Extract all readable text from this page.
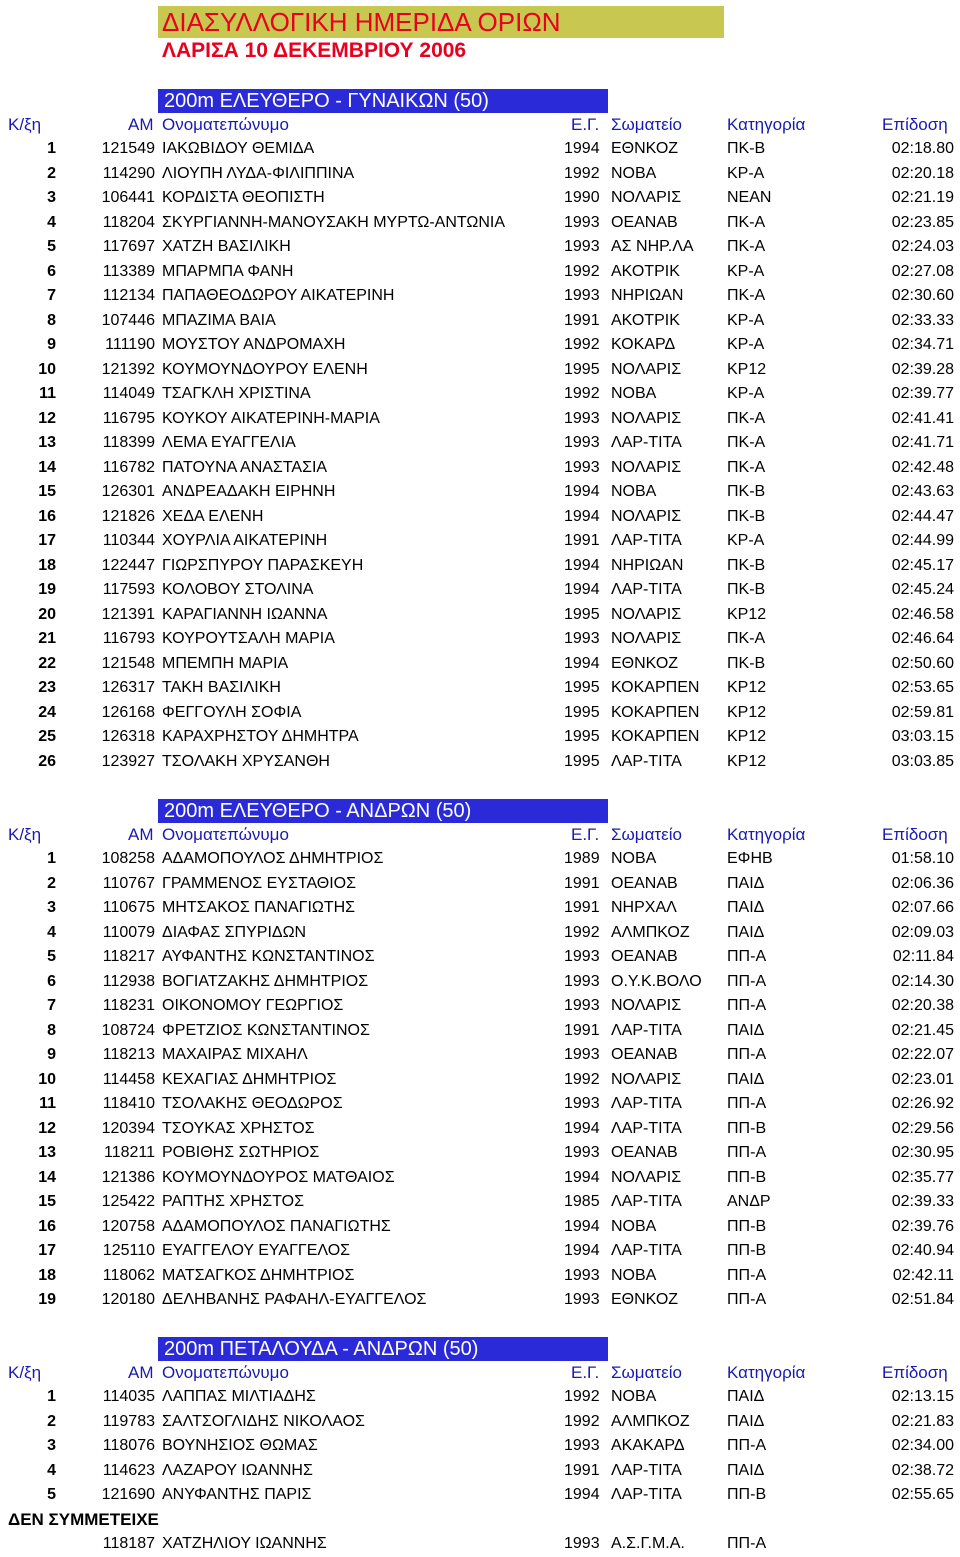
ΔΙΑΣΥΛΛΟΓΙΚΗ ΗΜΕΡΙΔΑ ΟΡΙΩΝ
ΛΑΡΙΣΑ 10 ΔΕΚΕΜΒΡΙΟΥ 2006
200m ΕΛΕΥΘΕΡΟ - ΓΥΝΑΙΚΩΝ (50)
Κ/ξη	ΑΜ Ονοματεπώνυμο	Ε.Γ. Σωματείο	Κατηγορία	Επίδοση
1	121549 ΙΑΚΩΒΙΔΟΥ ΘΕΜΙΔΑ	1994 ΕΘΝΚΟΖ	ΠΚ-Β	02:18.80
2	114290 ΛΙΟΥΠΗ ΛΥΔΑ-ΦΙΛΙΠΠΙΝΑ	1992 ΝΟΒΑ	ΚΡ-Α	02:20.18
3	106441 ΚΟΡΔΙΣΤΑ ΘΕΟΠΙΣΤΗ	1990 ΝΟΛΑΡΙΣ	ΝΕΑΝ	02:21.19
4	118204 ΣΚΥΡΓΙΑΝΝΗ-ΜΑΝΟΥΣΑΚΗ ΜΥΡΤΩ-ΑΝΤΩΝΙΑ	1993 ΟΕΑΝΑΒ	ΠΚ-Α	02:23.85
5	117697 ΧΑΤΖΗ ΒΑΣΙΛΙΚΗ	1993 ΑΣ ΝΗΡ.ΛΑ	ΠΚ-Α	02:24.03
6	113389 ΜΠΑΡΜΠΑ ΦΑΝΗ	1992 ΑΚΟΤΡΙΚ	ΚΡ-Α	02:27.08
7	112134 ΠΑΠΑΘΕΟΔΩΡΟΥ ΑΙΚΑΤΕΡΙΝΗ	1993 ΝΗΡΙΩΑΝ	ΠΚ-Α	02:30.60
8	107446 ΜΠΑΖΙΜΑ ΒΑΙΑ	1991 ΑΚΟΤΡΙΚ	ΚΡ-Α	02:33.33
9	111190 ΜΟΥΣΤΟΥ ΑΝΔΡΟΜΑΧΗ	1992 ΚΟΚΑΡΔ	ΚΡ-Α	02:34.71
10	121392 ΚΟΥΜΟΥΝΔΟΥΡΟΥ ΕΛΕΝΗ	1995 ΝΟΛΑΡΙΣ	ΚΡ12	02:39.28
11	114049 ΤΣΑΓΚΛΗ ΧΡΙΣΤΙΝΑ	1992 ΝΟΒΑ	ΚΡ-Α	02:39.77
12	116795 ΚΟΥΚΟΥ ΑΙΚΑΤΕΡΙΝΗ-ΜΑΡΙΑ	1993 ΝΟΛΑΡΙΣ	ΠΚ-Α	02:41.41
13	118399 ΛΕΜΑ ΕΥΑΓΓΕΛΙΑ	1993 ΛΑΡ-ΤΙΤΑ	ΠΚ-Α	02:41.71
14	116782 ΠΑΤΟΥΝΑ ΑΝΑΣΤΑΣΙΑ	1993 ΝΟΛΑΡΙΣ	ΠΚ-Α	02:42.48
15	126301 ΑΝΔΡΕΑΔΑΚΗ ΕΙΡΗΝΗ	1994 ΝΟΒΑ	ΠΚ-Β	02:43.63
16	121826 ΧΕΔΑ ΕΛΕΝΗ	1994 ΝΟΛΑΡΙΣ	ΠΚ-Β	02:44.47
17	110344 ΧΟΥΡΛΙΑ ΑΙΚΑΤΕΡΙΝΗ	1991 ΛΑΡ-ΤΙΤΑ	ΚΡ-Α	02:44.99
18	122447 ΓΙΩΡΣΠΥΡΟΥ ΠΑΡΑΣΚΕΥΗ	1994 ΝΗΡΙΩΑΝ	ΠΚ-Β	02:45.17
19	117593 ΚΟΛΟΒΟΥ ΣΤΟΛΙΝΑ	1994 ΛΑΡ-ΤΙΤΑ	ΠΚ-Β	02:45.24
20	121391 ΚΑΡΑΓΙΑΝΝΗ ΙΩΑΝΝΑ	1995 ΝΟΛΑΡΙΣ	ΚΡ12	02:46.58
21	116793 ΚΟΥΡΟΥΤΣΑΛΗ ΜΑΡΙΑ	1993 ΝΟΛΑΡΙΣ	ΠΚ-Α	02:46.64
22	121548 ΜΠΕΜΠΗ ΜΑΡΙΑ	1994 ΕΘΝΚΟΖ	ΠΚ-Β	02:50.60
23	126317 ΤΑΚΗ ΒΑΣΙΛΙΚΗ	1995 ΚΟΚΑΡΠΕΝ	ΚΡ12	02:53.65
24	126168 ΦΕΓΓΟΥΛΗ ΣΟΦΙΑ	1995 ΚΟΚΑΡΠΕΝ	ΚΡ12	02:59.81
25	126318 ΚΑΡΑΧΡΗΣΤΟΥ ΔΗΜΗΤΡΑ	1995 ΚΟΚΑΡΠΕΝ	ΚΡ12	03:03.15
26	123927 ΤΣΟΛΑΚΗ ΧΡΥΣΑΝΘΗ	1995 ΛΑΡ-ΤΙΤΑ	ΚΡ12	03:03.85
200m ΕΛΕΥΘΕΡΟ - ΑΝΔΡΩΝ (50)
Κ/ξη	ΑΜ Ονοματεπώνυμο	Ε.Γ. Σωματείο	Κατηγορία	Επίδοση
1	108258 ΑΔΑΜΟΠΟΥΛΟΣ ΔΗΜΗΤΡΙΟΣ	1989 ΝΟΒΑ	ΕΦΗΒ	01:58.10
2	110767 ΓΡΑΜΜΕΝΟΣ ΕΥΣΤΑΘΙΟΣ	1991 ΟΕΑΝΑΒ	ΠΑΙΔ	02:06.36
3	110675 ΜΗΤΣΑΚΟΣ ΠΑΝΑΓΙΩΤΗΣ	1991 ΝΗΡΧΑΛ	ΠΑΙΔ	02:07.66
4	110079 ΔΙΑΦΑΣ ΣΠΥΡΙΔΩΝ	1992 ΑΛΜΠΚΟΖ	ΠΑΙΔ	02:09.03
5	118217 ΑΥΦΑΝΤΗΣ ΚΩΝΣΤΑΝΤΙΝΟΣ	1993 ΟΕΑΝΑΒ	ΠΠ-Α	02:11.84
6	112938 ΒΟΓΙΑΤΖΑΚΗΣ ΔΗΜΗΤΡΙΟΣ	1993 Ο.Υ.Κ.ΒΟΛΟ	ΠΠ-Α	02:14.30
7	118231 ΟΙΚΟΝΟΜΟΥ ΓΕΩΡΓΙΟΣ	1993 ΝΟΛΑΡΙΣ	ΠΠ-Α	02:20.38
8	108724 ΦΡΕΤΖΙΟΣ ΚΩΝΣΤΑΝΤΙΝΟΣ	1991 ΛΑΡ-ΤΙΤΑ	ΠΑΙΔ	02:21.45
9	118213 ΜΑΧΑΙΡΑΣ ΜΙΧΑΗΛ	1993 ΟΕΑΝΑΒ	ΠΠ-Α	02:22.07
10	114458 ΚΕΧΑΓΙΑΣ ΔΗΜΗΤΡΙΟΣ	1992 ΝΟΛΑΡΙΣ	ΠΑΙΔ	02:23.01
11	118410 ΤΣΟΛΑΚΗΣ ΘΕΟΔΩΡΟΣ	1993 ΛΑΡ-ΤΙΤΑ	ΠΠ-Α	02:26.92
12	120394 ΤΣΟΥΚΑΣ ΧΡΗΣΤΟΣ	1994 ΛΑΡ-ΤΙΤΑ	ΠΠ-Β	02:29.56
13	118211 ΡΟΒΙΘΗΣ ΣΩΤΗΡΙΟΣ	1993 ΟΕΑΝΑΒ	ΠΠ-Α	02:30.95
14	121386 ΚΟΥΜΟΥΝΔΟΥΡΟΣ ΜΑΤΘΑΙΟΣ	1994 ΝΟΛΑΡΙΣ	ΠΠ-Β	02:35.77
15	125422 ΡΑΠΤΗΣ ΧΡΗΣΤΟΣ	1985 ΛΑΡ-ΤΙΤΑ	ΑΝΔΡ	02:39.33
16	120758 ΑΔΑΜΟΠΟΥΛΟΣ ΠΑΝΑΓΙΩΤΗΣ	1994 ΝΟΒΑ	ΠΠ-Β	02:39.76
17	125110 ΕΥΑΓΓΕΛΟΥ ΕΥΑΓΓΕΛΟΣ	1994 ΛΑΡ-ΤΙΤΑ	ΠΠ-Β	02:40.94
18	118062 ΜΑΤΣΑΓΚΟΣ ΔΗΜΗΤΡΙΟΣ	1993 ΝΟΒΑ	ΠΠ-Α	02:42.11
19	120180 ΔΕΛΗΒΑΝΗΣ ΡΑΦΑΗΛ-ΕΥΑΓΓΕΛΟΣ	1993 ΕΘΝΚΟΖ	ΠΠ-Α	02:51.84
200m ΠΕΤΑΛΟΥΔΑ - ΑΝΔΡΩΝ (50)
Κ/ξη	ΑΜ Ονοματεπώνυμο	Ε.Γ. Σωματείο	Κατηγορία	Επίδοση
1	114035 ΛΑΠΠΑΣ ΜΙΛΤΙΑΔΗΣ	1992 ΝΟΒΑ	ΠΑΙΔ	02:13.15
2	119783 ΣΑΛΤΣΟΓΛΙΔΗΣ ΝΙΚΟΛΑΟΣ	1992 ΑΛΜΠΚΟΖ	ΠΑΙΔ	02:21.83
3	118076 ΒΟΥΝΗΣΙΟΣ ΘΩΜΑΣ	1993 ΑΚΑΚΑΡΔ	ΠΠ-Α	02:34.00
4	114623 ΛΑΖΑΡΟΥ ΙΩΑΝΝΗΣ	1991 ΛΑΡ-ΤΙΤΑ	ΠΑΙΔ	02:38.72
5	121690 ΑΝΥΦΑΝΤΗΣ ΠΑΡΙΣ	1994 ΛΑΡ-ΤΙΤΑ	ΠΠ-Β	02:55.65
ΔΕΝ ΣΥΜΜΕΤΕΙΧΕ
118187 ΧΑΤΖΗΛΙΟΥ ΙΩΑΝΝΗΣ	1993 Α.Σ.Γ.Μ.Α.	ΠΠ-Α
